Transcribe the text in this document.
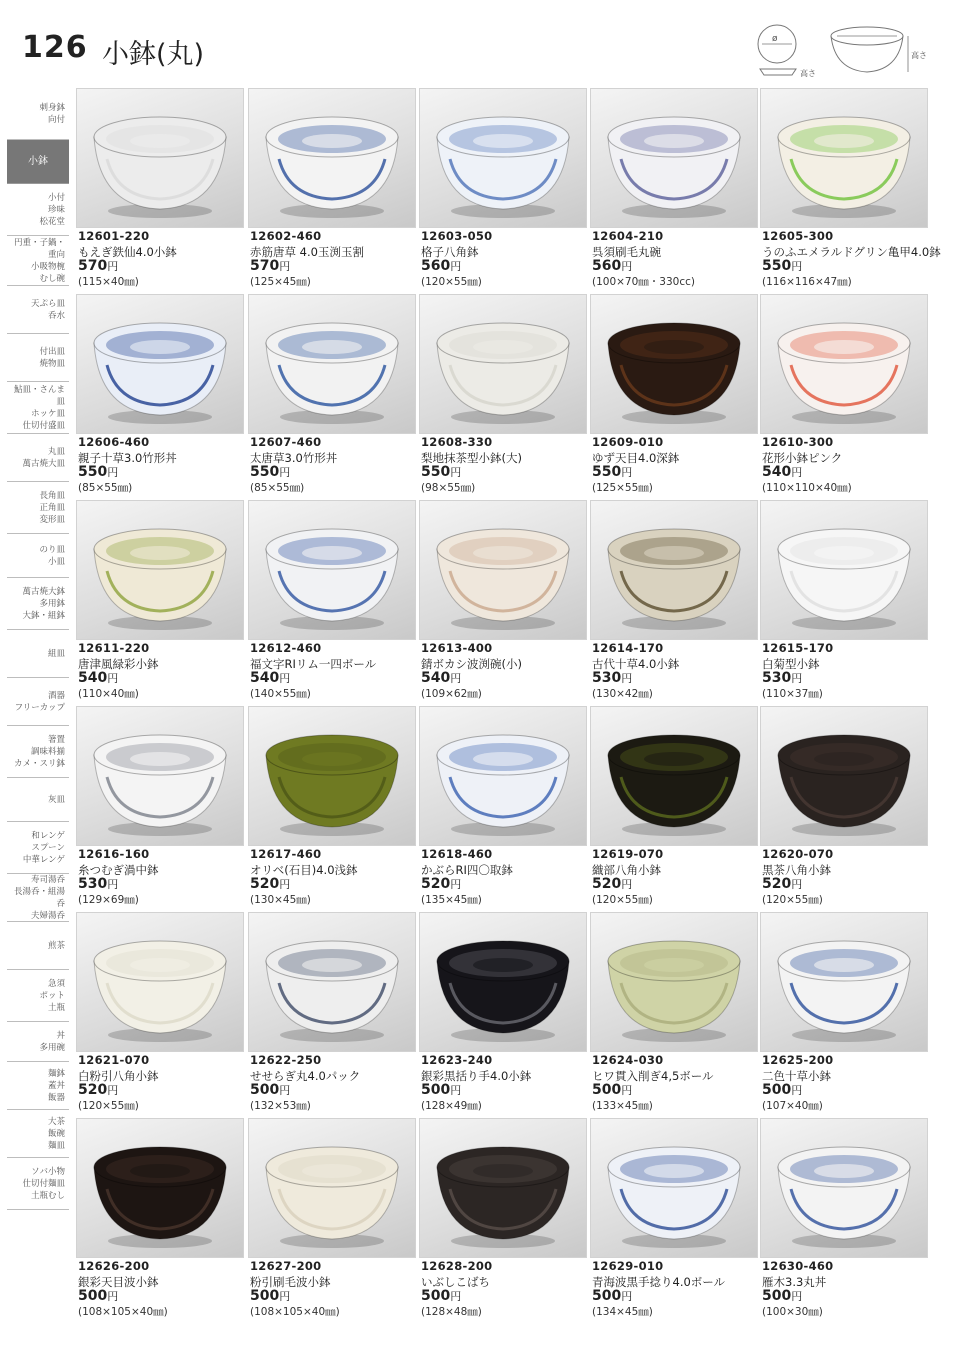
126 小鉢(丸)	ø
高さ
高さ
刺身鉢
向付
小鉢
小付
珍味
松花堂
円重・子鍋・重向
小吸物椀
むし碗
天ぷら皿
呑水
付出皿
焼物皿
鮎皿・さんま皿
ホッケ皿
仕切付盛皿
丸皿
萬古焼大皿
長角皿
正角皿
変形皿
のり皿
小皿
萬古焼大鉢
多用鉢
大鉢・組鉢
組皿
酒器
フリーカップ
箸置
調味料揃
カメ・スリ鉢
灰皿
和レンゲ
スプーン
中華レンゲ
寿司湯呑
長湯呑・組湯呑
夫婦湯呑
煎茶
急須
ポット
土瓶
丼
多用碗
麺鉢
蓋丼
飯器
大茶
飯碗
麺皿
ソバ小物
仕切付麺皿
土瓶むし
12601-220
もえぎ鉄仙4.0小鉢
570円
(115×40㎜)
12602-460
赤筋唐草 4.0玉渕玉割
570円
(125×45㎜)
12603-050
格子八角鉢
560円
(120×55㎜)
12604-210
呉須刷毛丸碗
560円
(100×70㎜・330cc)
12605-300
うのふエメラルドグリン亀甲4.0鉢
550円
(116×116×47㎜)
12606-460
親子十草3.0竹形丼
550円
(85×55㎜)
12607-460
太唐草3.0竹形丼
550円
(85×55㎜)
12608-330
梨地抹茶型小鉢(大)
550円
(98×55㎜)
12609-010
ゆず天目4.0深鉢
550円
(125×55㎜)
12610-300
花形小鉢ピンク
540円
(110×110×40㎜)
12611-220
唐津風緑彩小鉢
540円
(110×40㎜)
12612-460
福文字RIリム一四ボール
540円
(140×55㎜)
12613-400
錆ボカシ波渕碗(小)
540円
(109×62㎜)
12614-170
古代十草4.0小鉢
530円
(130×42㎜)
12615-170
白菊型小鉢
530円
(110×37㎜)
12616-160
糸つむぎ渦中鉢
530円
(129×69㎜)
12617-460
オリベ(石目)4.0浅鉢
520円
(130×45㎜)
12618-460
かぶらRI四〇取鉢
520円
(135×45㎜)
12619-070
織部八角小鉢
520円
(120×55㎜)
12620-070
黒茶八角小鉢
520円
(120×55㎜)
12621-070
白粉引八角小鉢
520円
(120×55㎜)
12622-250
せせらぎ丸4.0パック
500円
(132×53㎜)
12623-240
銀彩黒括り手4.0小鉢
500円
(128×49㎜)
12624-030
ヒワ貫入削ぎ4,5ボール
500円
(133×45㎜)
12625-200
二色十草小鉢
500円
(107×40㎜)
12626-200
銀彩天目波小鉢
500円
(108×105×40㎜)
12627-200
粉引刷毛波小鉢
500円
(108×105×40㎜)
12628-200
いぶしこばち
500円
(128×48㎜)
12629-010
青海波黒手捻り4.0ボール
500円
(134×45㎜)
12630-460
雁木3.3丸丼
500円
(100×30㎜)
